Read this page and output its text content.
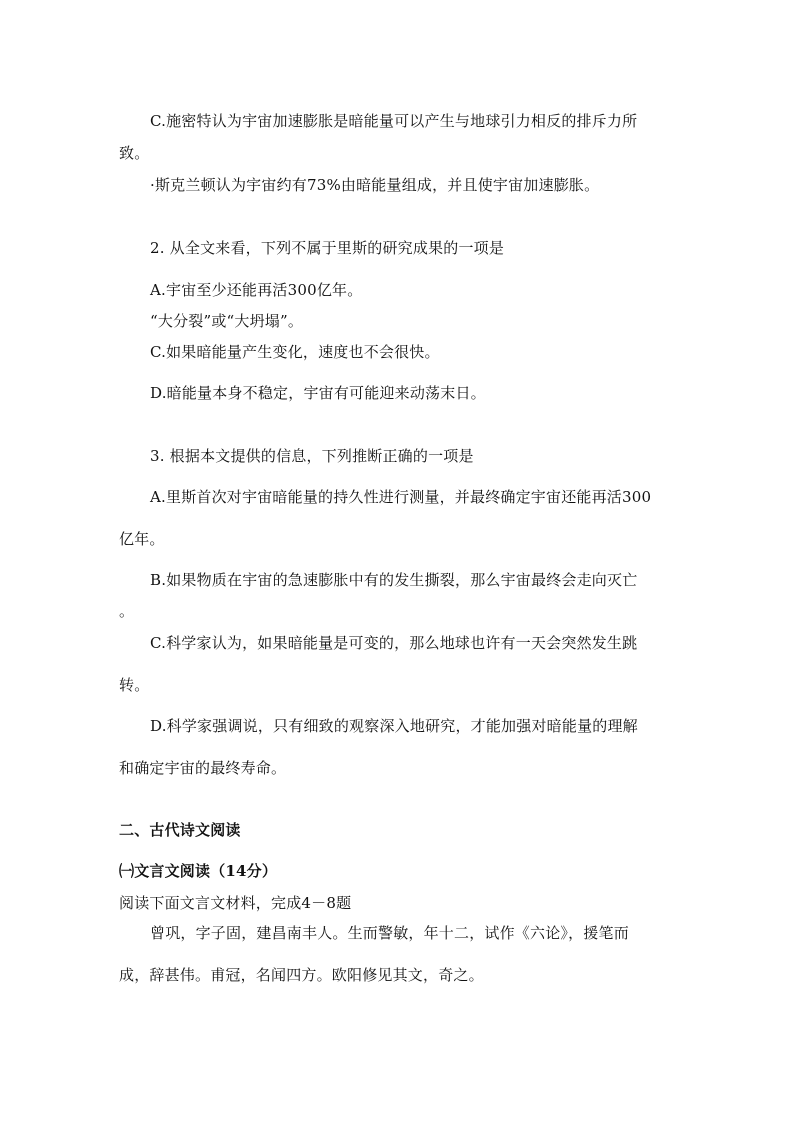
C.施密特认为宇宙加速膨胀是暗能量可以产生与地球引力相反的排斥力所
致。
·斯克兰顿认为宇宙约有73%由暗能量组成，并且使宇宙加速膨胀。
2. 从全文来看，下列不属于里斯的研究成果的一项是
A.宇宙至少还能再活300亿年。
“大分裂”或“大坍塌”。
C.如果暗能量产生变化，速度也不会很快。
D.暗能量本身不稳定，宇宙有可能迎来动荡末日。
3. 根据本文提供的信息，下列推断正确的一项是
A.里斯首次对宇宙暗能量的持久性进行测量，并最终确定宇宙还能再活300
亿年。
B.如果物质在宇宙的急速膨胀中有的发生撕裂，那么宇宙最终会走向灭亡
。
C.科学家认为，如果暗能量是可变的，那么地球也许有一天会突然发生跳
转。
D.科学家强调说，只有细致的观察深入地研究，才能加强对暗能量的理解
和确定宇宙的最终寿命。
二、古代诗文阅读
㈠文言文阅读（14分）
阅读下面文言文材料，完成4－8题
曾巩，字子固，建昌南丰人。生而警敏，年十二，试作《六论》，援笔而
成，辞甚伟。甫冠，名闻四方。欧阳修见其文，奇之。
